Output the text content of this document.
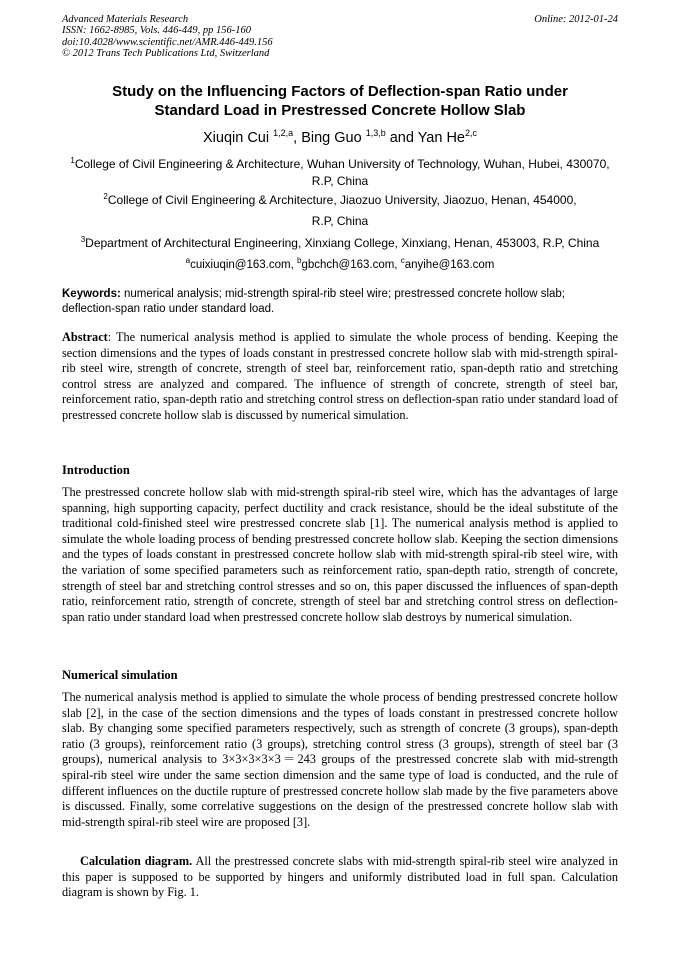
Advanced Materials Research
ISSN: 1662-8985, Vols. 446-449, pp 156-160
doi:10.4028/www.scientific.net/AMR.446-449.156
© 2012 Trans Tech Publications Ltd, Switzerland
Online: 2012-01-24
Study on the Influencing Factors of Deflection-span Ratio under
Standard Load in Prestressed Concrete Hollow Slab
Xiuqin Cui $^{1,2,a}$, Bing Guo $^{1,3,b}$ and Yan He$^{2,c}$
$^1$College of Civil Engineering & Architecture, Wuhan University of Technology, Wuhan, Hubei, 430070, R.P, China
$^2$College of Civil Engineering & Architecture, Jiaozuo University, Jiaozuo, Henan, 454000,
R.P, China
$^3$Department of Architectural Engineering, Xinxiang College, Xinxiang, Henan, 453003, R.P, China
$^a$cuixiuqin@163.com, $^b$gbchch@163.com, $^c$anyihe@163.com
Keywords: numerical analysis; mid-strength spiral-rib steel wire; prestressed concrete hollow slab; deflection-span ratio under standard load.
Abstract: The numerical analysis method is applied to simulate the whole process of bending. Keeping the section dimensions and the types of loads constant in prestressed concrete hollow slab with mid-strength spiral-rib steel wire, strength of concrete, strength of steel bar, reinforcement ratio, span-depth ratio and stretching control stress are analyzed and compared. The influence of strength of concrete, strength of steel bar, reinforcement ratio, span-depth ratio and stretching control stress on deflection-span ratio under standard load of prestressed concrete hollow slab is discussed by numerical simulation.
Introduction
The prestressed concrete hollow slab with mid-strength spiral-rib steel wire, which has the advantages of large spanning, high supporting capacity, perfect ductility and crack resistance, should be the ideal substitute of the traditional cold-finished steel wire prestressed concrete slab [1]. The numerical analysis method is applied to simulate the whole loading process of bending prestressed concrete hollow slab. Keeping the section dimensions and the types of loads constant in prestressed concrete hollow slab with mid-strength spiral-rib steel wire, with the variation of some specified parameters such as reinforcement ratio, span-depth ratio, strength of concrete, strength of steel bar and stretching control stresses and so on, this paper discussed the influences of span-depth ratio, reinforcement ratio, strength of concrete, strength of steel bar and stretching control stress on deflection-span ratio under standard load when prestressed concrete hollow slab destroys by numerical simulation.
Numerical simulation
The numerical analysis method is applied to simulate the whole process of bending prestressed concrete hollow slab [2], in the case of the section dimensions and the types of loads constant in prestressed concrete hollow slab. By changing some specified parameters respectively, such as strength of concrete (3 groups), span-depth ratio (3 groups), reinforcement ratio (3 groups), stretching control stress (3 groups), strength of steel bar (3 groups), numerical analysis to 3×3×3×3×3＝243 groups of the prestressed concrete slab with mid-strength spiral-rib steel wire under the same section dimension and the same type of load is conducted, and the rule of different influences on the ductile rupture of prestressed concrete hollow slab made by the five parameters above is discussed. Finally, some correlative suggestions on the design of the prestressed concrete hollow slab with mid-strength spiral-rib steel wire are proposed [3].
Calculation diagram. All the prestressed concrete slabs with mid-strength spiral-rib steel wire analyzed in this paper is supposed to be supported by hingers and uniformly distributed load in full span. Calculation diagram is shown by Fig. 1.
